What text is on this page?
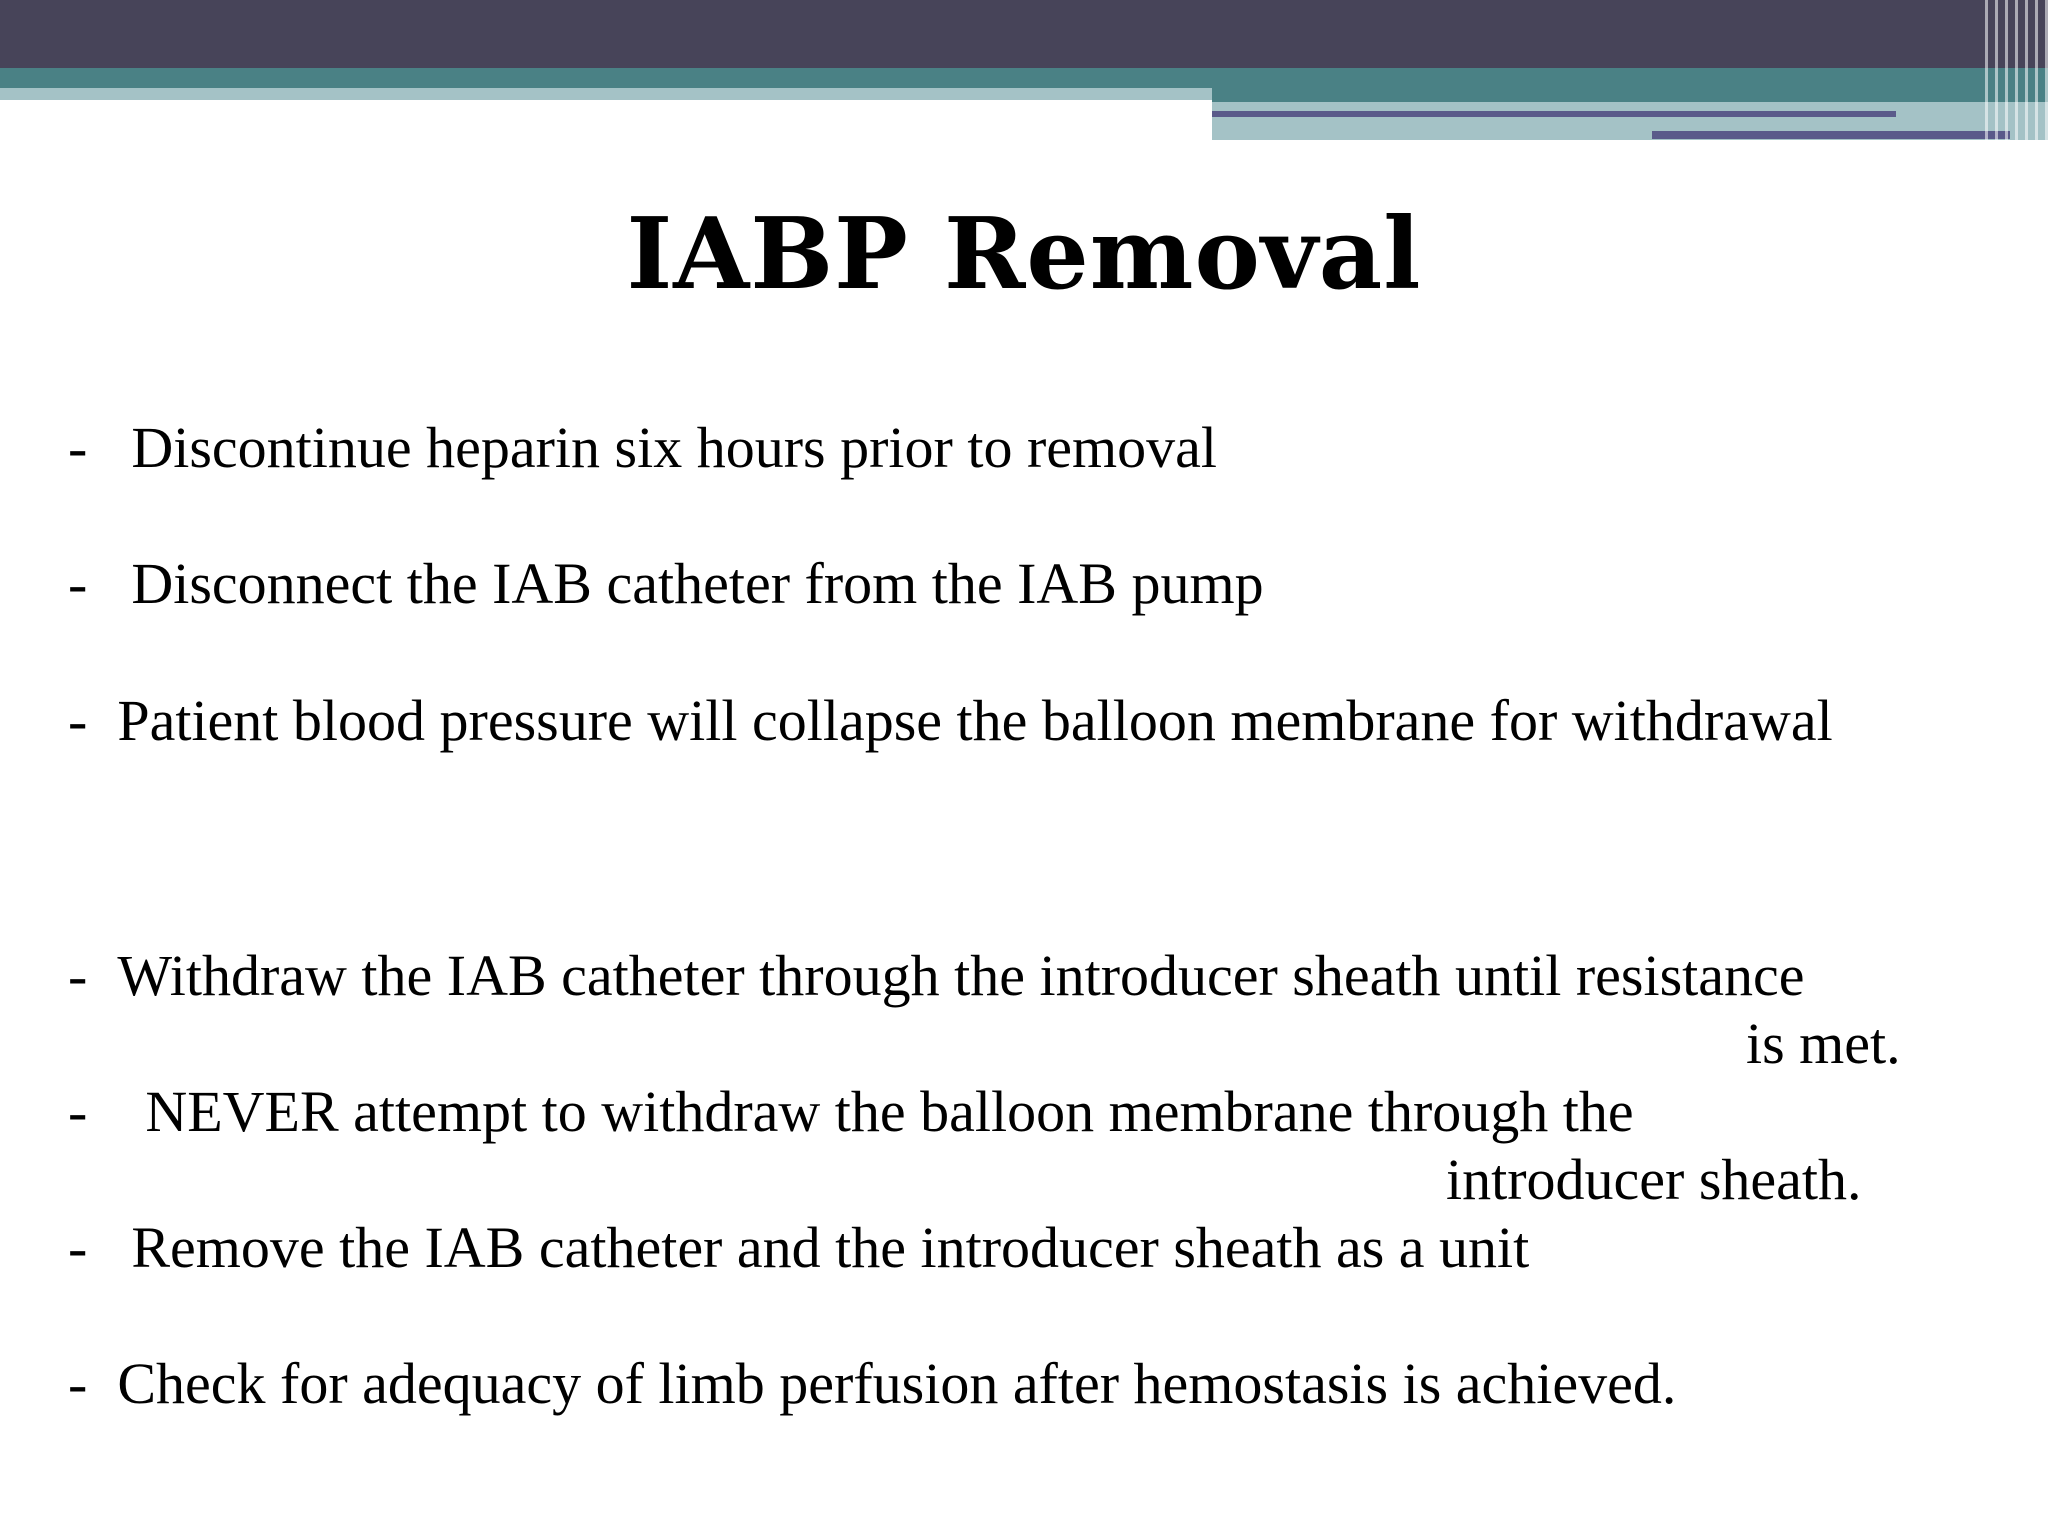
IABP Removal
- Discontinue heparin six hours prior to removal
- Disconnect the IAB catheter from the IAB pump
- Patient blood pressure will collapse the balloon membrane for withdrawal
- Withdraw the IAB catheter through the introducer sheath until resistance
is met.
- NEVER attempt to withdraw the balloon membrane through the
introducer sheath.
- Remove the IAB catheter and the introducer sheath as a unit
- Check for adequacy of limb perfusion after hemostasis is achieved.
